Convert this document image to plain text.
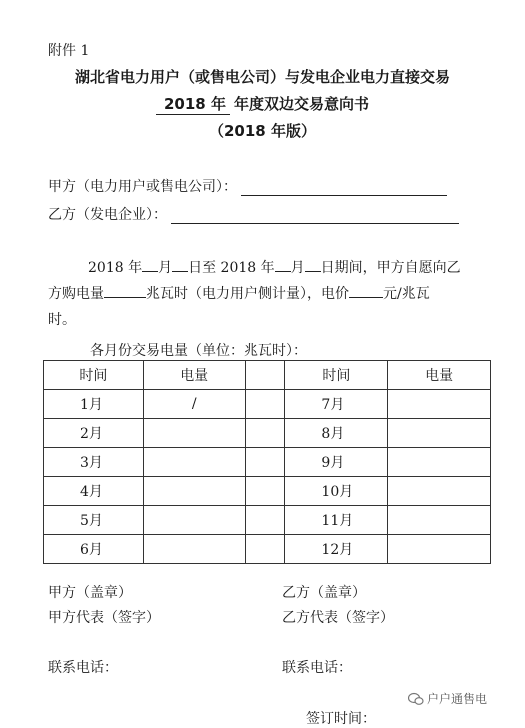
附件 1
湖北省电力用户（或售电公司）与发电企业电力直接交易
2018 年 年度双边交易意向书
（2018 年版）
甲方（电力用户或售电公司）：
乙方（发电企业）：
2018 年 月 日至 2018 年 月 日期间，甲方自愿向乙
方购电量	兆瓦时（电力用户侧计量），电价 元/兆瓦
时。
各月份交易电量（单位：兆瓦时）：
时间	电量		时间	电量
1月	/		7月	
2月			8月	
3月			9月	
4月			10月	
5月			11月	
6月			12月	
甲方（盖章）	乙方（盖章）
甲方代表（签字）	乙方代表（签字）
联系电话：	联系电话：
户户通售电
签订时间：
